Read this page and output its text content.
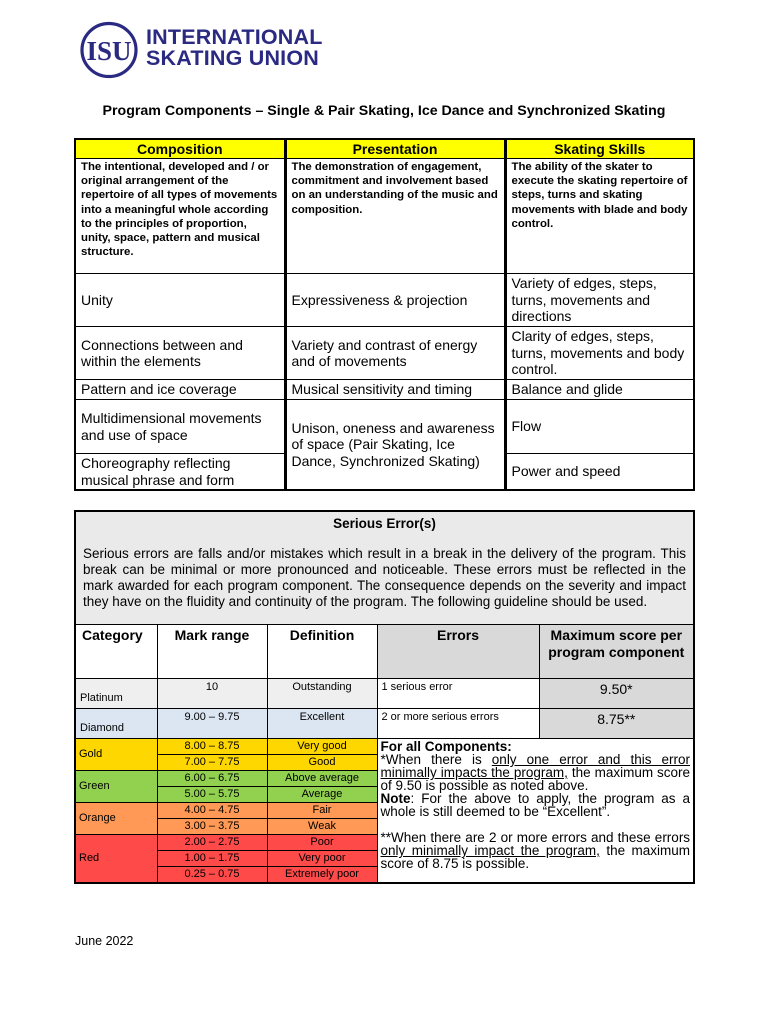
ISU INTERNATIONAL
SKATING UNION
Program Components – Single & Pair Skating, Ice Dance and Synchronized Skating
Composition	Presentation	Skating Skills
The intentional, developed and / or original arrangement of the repertoire of all types of movements into a meaningful whole according to the principles of proportion, unity, space, pattern and musical structure.	The demonstration of engagement, commitment and involvement based on an understanding of the music and composition.	The ability of the skater to execute the skating repertoire of steps, turns and skating movements with blade and body control.
Unity	Expressiveness & projection	Variety of edges, steps, turns, movements and directions
Connections between and within the elements	Variety and contrast of energy and of movements	Clarity of edges, steps, turns, movements and body control.
Pattern and ice coverage	Musical sensitivity and timing	Balance and glide
Multidimensional movements and use of space	Unison, oneness and awareness of space (Pair Skating, Ice Dance, Synchronized Skating)	Flow
Choreography reflecting musical phrase and form		Power and speed
Serious Error(s)
Serious errors are falls and/or mistakes which result in a break in the delivery of the program. This break can be minimal or more pronounced and noticeable. These errors must be reflected in the mark awarded for each program component. The consequence depends on the severity and impact they have on the fluidity and continuity of the program. The following guideline should be used.				

Category	Mark range	Definition	Errors	Maximum score per program component
Platinum	10	Outstanding	1 serious error	9.50*
Diamond	9.00 – 9.75	Excellent	2 or more serious errors	8.75**
Gold	8.00 – 8.75	Very good	For all Components:
*When there is only one error and this error minimally impacts the program, the maximum score of 9.50 is possible as noted above.
Note: For the above to apply, the program as a whole is still deemed to be “Excellent”.

**When there are 2 or more errors and these errors only minimally impact the program, the maximum score of 8.75 is possible.	
	7.00 – 7.75	Good		
Green	6.00 – 6.75	Above average		
	5.00 – 5.75	Average		
Orange	4.00 – 4.75	Fair		
	3.00 – 3.75	Weak		
Red	2.00 – 2.75	Poor		
	1.00 – 1.75	Very poor		
	0.25 – 0.75	Extremely poor		
June 2022
